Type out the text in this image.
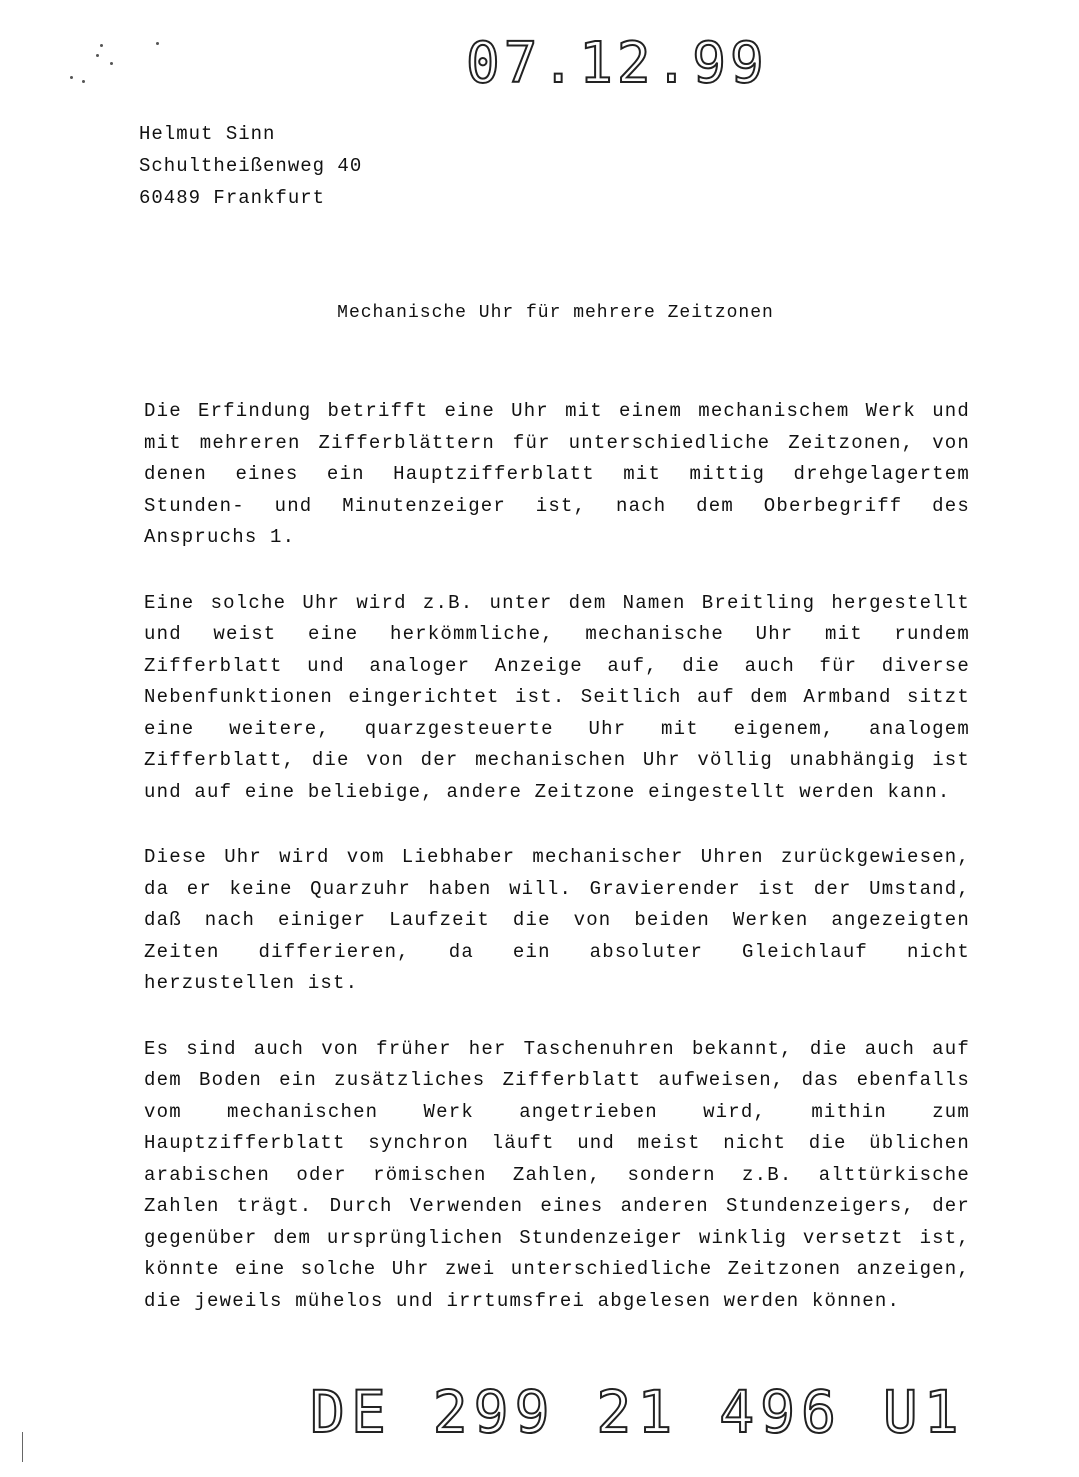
07.12.99
Helmut Sinn
Schultheißenweg 40
60489 Frankfurt
Mechanische Uhr für mehrere Zeitzonen

Die Erfindung betrifft eine Uhr mit einem mechanischem Werk und mit mehreren Zifferblättern für unterschiedliche Zeitzonen, von denen eines ein Hauptzifferblatt mit mittig drehgelagertem Stunden- und Minutenzeiger ist, nach dem Oberbegriff des Anspruchs 1.

Eine solche Uhr wird z.B. unter dem Namen Breitling hergestellt und weist eine herkömmliche, mechanische Uhr mit rundem Zifferblatt und analoger Anzeige auf, die auch für diverse Nebenfunktionen eingerichtet ist. Seitlich auf dem Armband sitzt eine weitere, quarzgesteuerte Uhr mit eigenem, analogem Zifferblatt, die von der mechanischen Uhr völlig unabhängig ist und auf eine beliebige, andere Zeitzone eingestellt werden kann.

Diese Uhr wird vom Liebhaber mechanischer Uhren zurückgewiesen, da er keine Quarzuhr haben will. Gravierender ist der Umstand, daß nach einiger Laufzeit die von beiden Werken angezeigten Zeiten differieren, da ein absoluter Gleichlauf nicht herzustellen ist.

Es sind auch von früher her Taschenuhren bekannt, die auch auf dem Boden ein zusätzliches Zifferblatt aufweisen, das ebenfalls vom mechanischen Werk angetrieben wird, mithin zum Hauptzifferblatt synchron läuft und meist nicht die üblichen arabischen oder römischen Zahlen, sondern z.B. alttürkische Zahlen trägt. Durch Verwenden eines anderen Stundenzeigers, der gegenüber dem ursprünglichen Stundenzeiger winklig versetzt ist, könnte eine solche Uhr zwei unterschiedliche Zeitzonen anzeigen, die jeweils mühelos und irrtumsfrei abgelesen werden können.

DE 299 21 496 U1
